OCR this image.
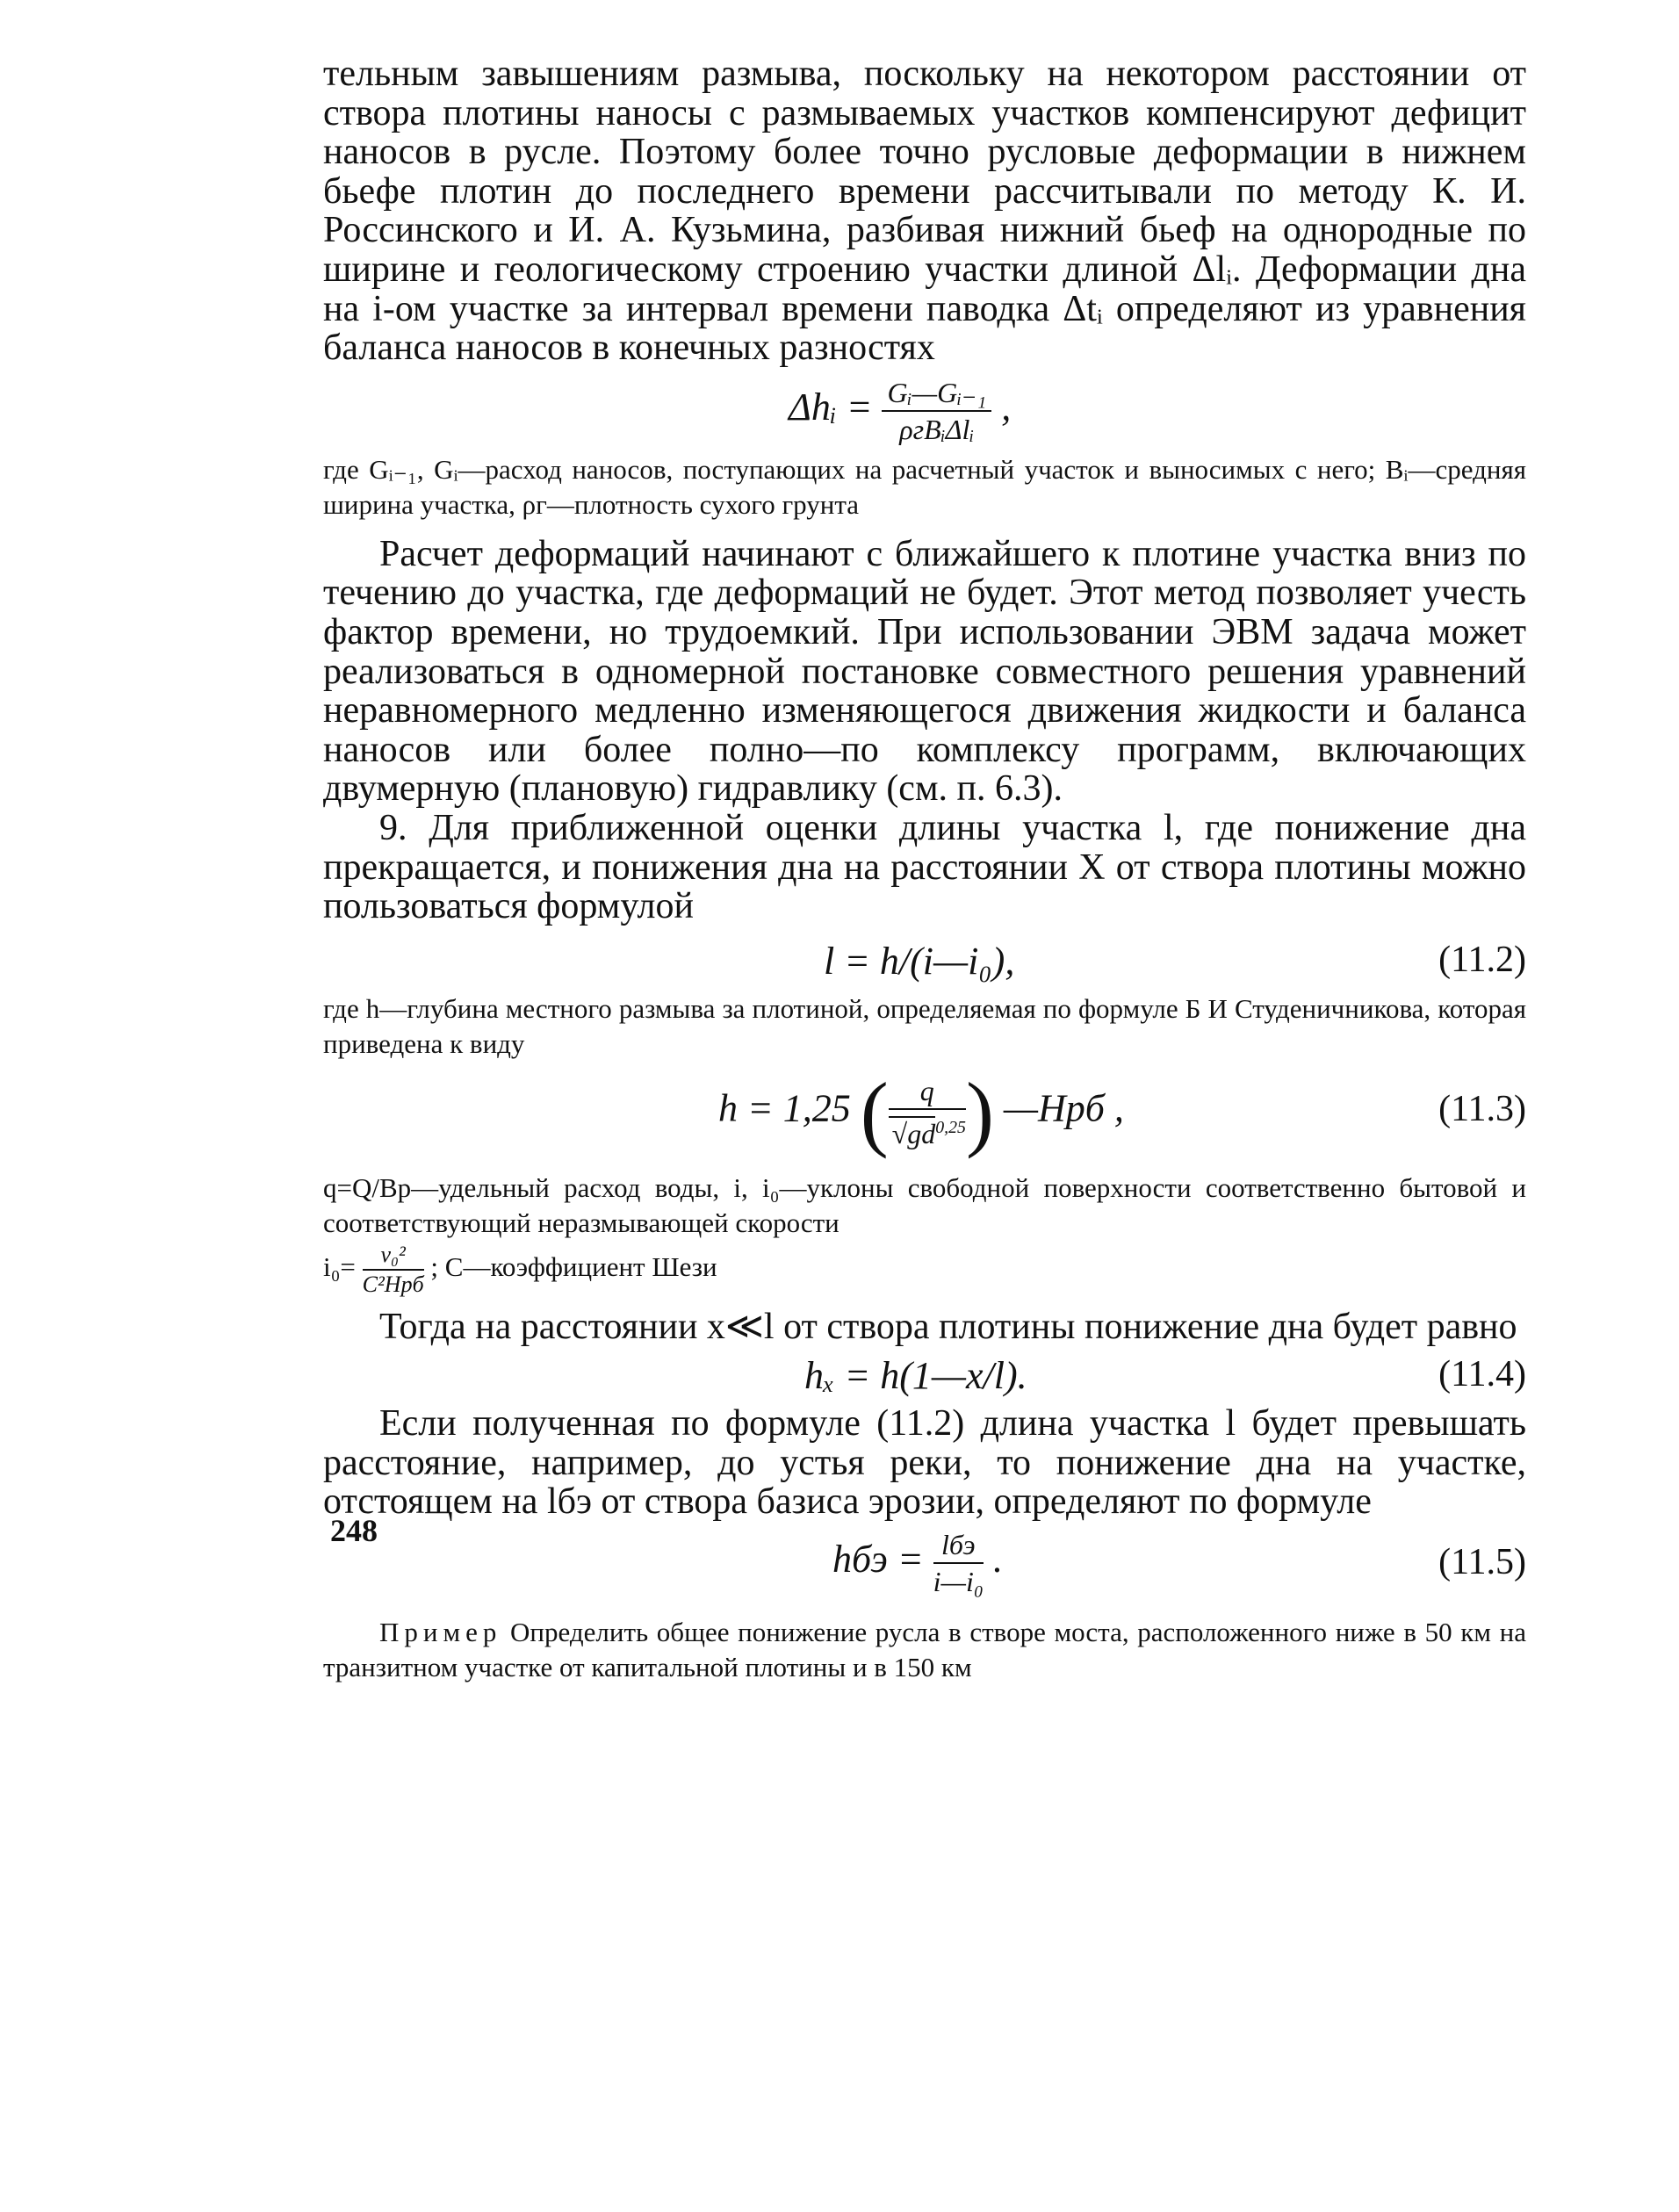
тельным завышениям размыва, поскольку на некотором расстоянии от створа плотины наносы с размываемых участков компенсируют дефицит наносов в русле. Поэтому более точно русловые деформации в нижнем бьефе плотин до последнего времени рассчитывали по методу К. И. Россинского и И. А. Кузьмина, разбивая нижний бьеф на однородные по ширине и геологическому строению участки длиной Δlᵢ. Деформации дна на i-ом участке за интервал времени паводка Δtᵢ определяют из уравнения баланса наносов в конечных разностях

Δhᵢ = $\frac{\text{Gᵢ—Gᵢ₋₁}}{\text{ρгBᵢΔlᵢ}}$ ,

где Gᵢ₋₁, Gᵢ—расход наносов, поступающих на расчетный участок и выносимых с него; Bᵢ—средняя ширина участка, ρг—плотность сухого грунта

Расчет деформаций начинают с ближайшего к плотине участка вниз по течению до участка, где деформаций не будет. Этот метод позволяет учесть фактор времени, но трудоемкий. При использовании ЭВМ задача может реализоваться в одномерной постановке совместного решения уравнений неравномерного медленно изменяющегося движения жидкости и баланса наносов или более полно—по комплексу программ, включающих двумерную (плановую) гидравлику (см. п. 6.3).

9. Для приближенной оценки длины участка l, где понижение дна прекращается, и понижения дна на расстоянии X от створа плотины можно пользоваться формулой

l = h/(i—i₀),	(11.2)

где h—глубина местного размыва за плотиной, определяемая по формуле Б И Студеничникова, которая приведена к виду

h = 1,25 ( $\frac{q}{√gd^{0,25}}$ ) —Hрб ,	(11.3)

q=Q/Bр—удельный расход воды, i, i₀—уклоны свободной поверхности соответственно бытовой и соответствующий неразмывающей скорости

$i_0= \frac{\text{v₀²}}{\text{C²Hрб}}$ ; C—коэффициент Шези

Тогда на расстоянии x≪l от створа плотины понижение дна будет равно

hₓ = h(1—x/l).	(11.4)

Если полученная по формуле (11.2) длина участка l будет превышать расстояние, например, до устья реки, то понижение дна на участке, отстоящем на lбэ от створа базиса эрозии, определяют по формуле

hбэ = $\frac{\text{lбэ}}{\text{i—i₀}}$ .	(11.5)

Пример Определить общее понижение русла в створе моста, расположенного ниже в 50 км на транзитном участке от капитальной плотины и в 150 км

248
